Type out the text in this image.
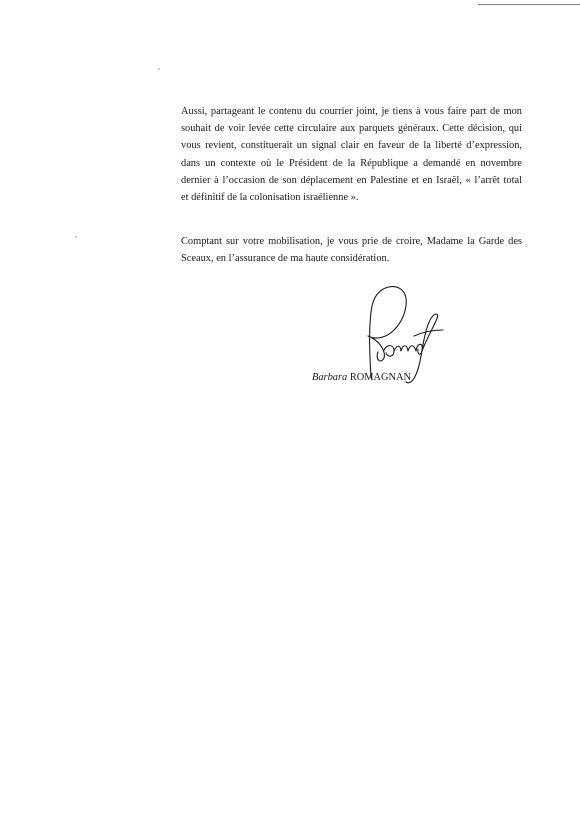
Aussi, partageant le contenu du courrier joint, je tiens à vous faire part de mon
souhait de voir levée cette circulaire aux parquets généraux. Cette décision, qui
vous revient, constituerait un signal clair en faveur de la liberté d’expression,
dans un contexte où le Président de la République a demandé en novembre
dernier à l’occasion de son déplacement en Palestine et en Israël, « l’arrêt total
et définitif de la colonisation israélienne ».

Comptant sur votre mobilisation, je vous prie de croire, Madame la Garde des
Sceaux, en l’assurance de ma haute considération.

Barbara ROMAGNAN
